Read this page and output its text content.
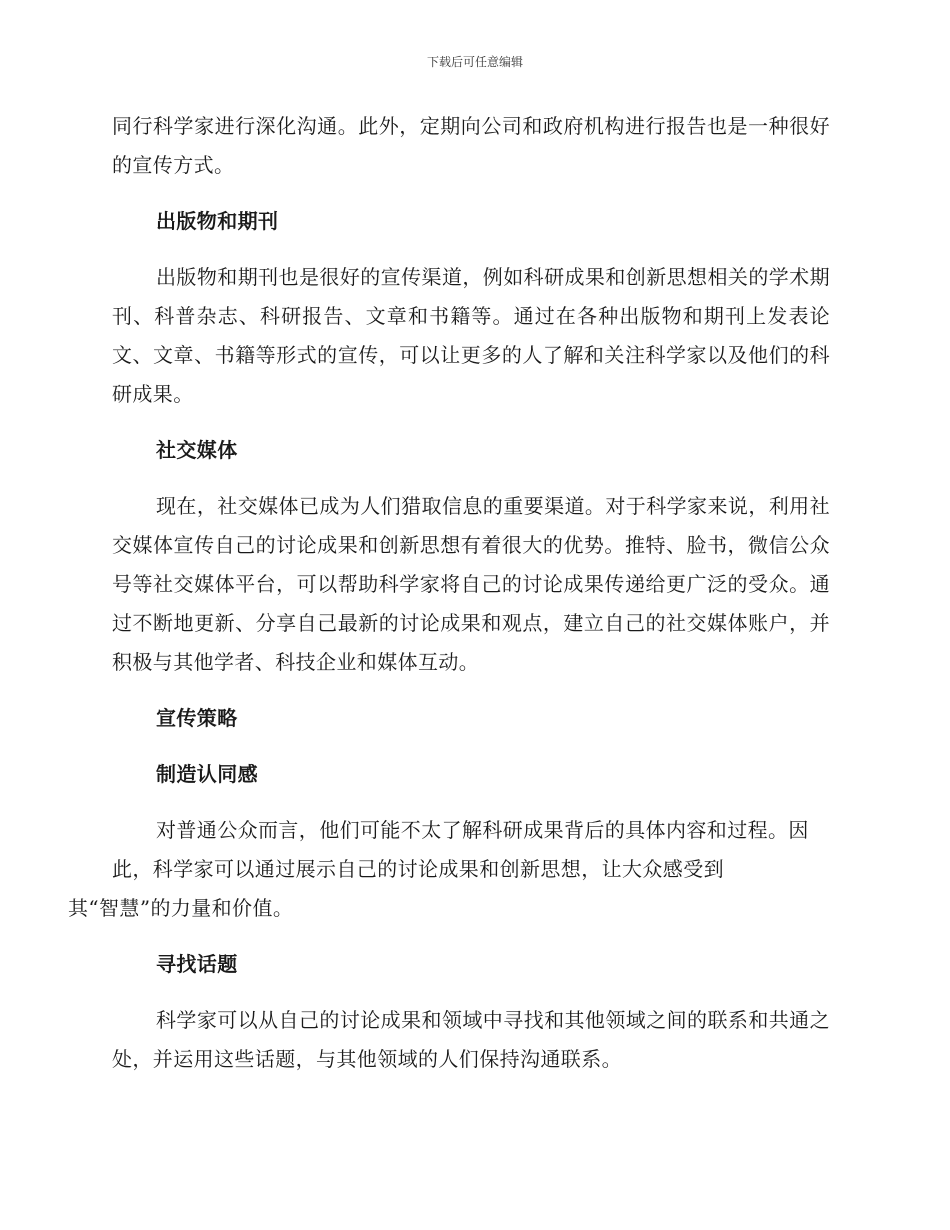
下载后可任意编辑

同行科学家进行深化沟通。此外，定期向公司和政府机构进行报告也是一种很好的宣传方式。

出版物和期刊

出版物和期刊也是很好的宣传渠道，例如科研成果和创新思想相关的学术期刊、科普杂志、科研报告、文章和书籍等。通过在各种出版物和期刊上发表论文、文章、书籍等形式的宣传，可以让更多的人了解和关注科学家以及他们的科研成果。

社交媒体

现在，社交媒体已成为人们猎取信息的重要渠道。对于科学家来说，利用社交媒体宣传自己的讨论成果和创新思想有着很大的优势。推特、脸书，微信公众号等社交媒体平台，可以帮助科学家将自己的讨论成果传递给更广泛的受众。通过不断地更新、分享自己最新的讨论成果和观点，建立自己的社交媒体账户，并积极与其他学者、科技企业和媒体互动。

宣传策略

制造认同感

对普通公众而言，他们可能不太了解科研成果背后的具体内容和过程。因此，科学家可以通过展示自己的讨论成果和创新思想，让大众感受到
其“智慧”的力量和价值。

寻找话题

科学家可以从自己的讨论成果和领域中寻找和其他领域之间的联系和共通之处，并运用这些话题，与其他领域的人们保持沟通联系。
